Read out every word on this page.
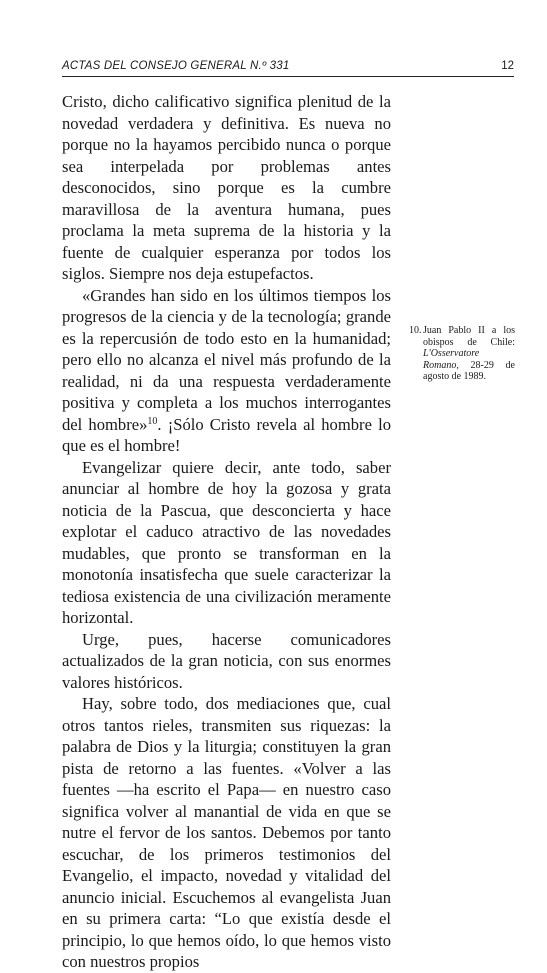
ACTAS DEL CONSEJO GENERAL N.º 331	12

Cristo, dicho calificativo significa plenitud de la novedad verdadera y definitiva. Es nueva no porque no la hayamos percibido nunca o porque sea interpelada por problemas antes desconocidos, sino porque es la cumbre maravillosa de la aventura humana, pues proclama la meta suprema de la historia y la fuente de cualquier esperanza por todos los siglos. Siempre nos deja estupefactos.

«Grandes han sido en los últimos tiempos los progresos de la ciencia y de la tecnología; grande es la repercusión de todo esto en la humanidad; pero ello no alcanza el nivel más profundo de la realidad, ni da una respuesta verdaderamente positiva y completa a los muchos interrogantes del hombre»$^{10}$. ¡Sólo Cristo revela al hombre lo que es el hombre!

Evangelizar quiere decir, ante todo, saber anunciar al hombre de hoy la gozosa y grata noticia de la Pascua, que desconcierta y hace explotar el caduco atractivo de las novedades mudables, que pronto se transforman en la monotonía insatisfecha que suele caracterizar la tediosa existencia de una civilización meramente horizontal.

Urge, pues, hacerse comunicadores actualizados de la gran noticia, con sus enormes valores históricos.

Hay, sobre todo, dos mediaciones que, cual otros tantos rieles, transmiten sus riquezas: la palabra de Dios y la liturgia; constituyen la gran pista de retorno a las fuentes. «Volver a las fuentes —ha escrito el Papa— en nuestro caso significa volver al manantial de vida en que se nutre el fervor de los santos. Debemos por tanto escuchar, de los primeros testimonios del Evangelio, el impacto, novedad y vitalidad del anuncio inicial. Escuchemos al evangelista Juan en su primera carta: “Lo que existía desde el principio, lo que hemos oído, lo que hemos visto con nuestros propios

10. Juan Pablo II a los obispos de Chile: L'Osservatore Romano, 28-29 de agosto de 1989.
